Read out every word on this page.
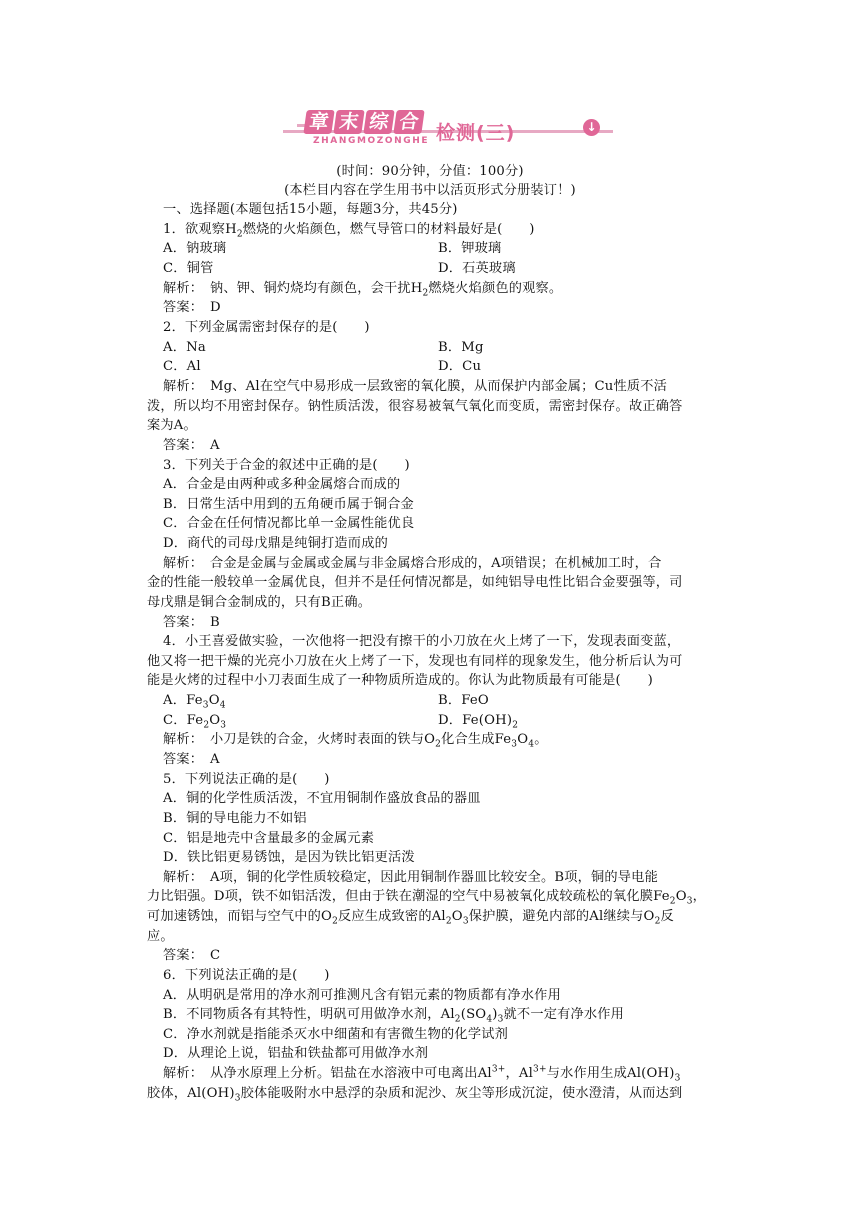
章 末 综 合
ZHANGMOZONGHE 检测(三)	↓
(时间：90分钟，分值：100分)
(本栏目内容在学生用书中以活页形式分册装订！)
一、选择题(本题包括15小题，每题3分，共45分)
1．欲观察$H_2$燃烧的火焰颜色，燃气导管口的材料最好是(　　)
A．钠玻璃	B．钾玻璃
C．铜管	D．石英玻璃
解析：　钠、钾、铜灼烧均有颜色，会干扰$H_2$燃烧火焰颜色的观察。
答案：　D
2．下列金属需密封保存的是(　　)
A．Na	B．Mg
C．Al	D．Cu
解析：　Mg、Al在空气中易形成一层致密的氧化膜，从而保护内部金属；Cu性质不活
泼，所以均不用密封保存。钠性质活泼，很容易被氧气氧化而变质，需密封保存。故正确答
案为A。
答案：　A
3．下列关于合金的叙述中正确的是(　　)
A．合金是由两种或多种金属熔合而成的
B．日常生活中用到的五角硬币属于铜合金
C．合金在任何情况都比单一金属性能优良
D．商代的司母戊鼎是纯铜打造而成的
解析：　合金是金属与金属或金属与非金属熔合形成的，A项错误；在机械加工时，合
金的性能一般较单一金属优良，但并不是任何情况都是，如纯铝导电性比铝合金要强等，司
母戊鼎是铜合金制成的，只有B正确。
答案：　B
4．小王喜爱做实验，一次他将一把没有擦干的小刀放在火上烤了一下，发现表面变蓝，
他又将一把干燥的光亮小刀放在火上烤了一下，发现也有同样的现象发生，他分析后认为可
能是火烤的过程中小刀表面生成了一种物质所造成的。你认为此物质最有可能是(　　)
A．$Fe_3O_4$	B．FeO
C．$Fe_2O_3$	D．$Fe(OH)_2$
解析：　小刀是铁的合金，火烤时表面的铁与$O_2$化合生成$Fe_3O_4$。
答案：　A
5．下列说法正确的是(　　)
A．铜的化学性质活泼，不宜用铜制作盛放食品的器皿
B．铜的导电能力不如铝
C．铝是地壳中含量最多的金属元素
D．铁比铝更易锈蚀，是因为铁比铝更活泼
解析：　A项，铜的化学性质较稳定，因此用铜制作器皿比较安全。B项，铜的导电能
力比铝强。D项，铁不如铝活泼，但由于铁在潮湿的空气中易被氧化成较疏松的氧化膜$Fe_2O_3$，
可加速锈蚀，而铝与空气中的$O_2$反应生成致密的$Al_2O_3$保护膜，避免内部的Al继续与$O_2$反
应。
答案：　C
6．下列说法正确的是(　　)
A．从明矾是常用的净水剂可推测凡含有铝元素的物质都有净水作用
B．不同物质各有其特性，明矾可用做净水剂，$Al_2(SO_4)_3$就不一定有净水作用
C．净水剂就是指能杀灭水中细菌和有害微生物的化学试剂
D．从理论上说，铝盐和铁盐都可用做净水剂
解析：　从净水原理上分析。铝盐在水溶液中可电离出$Al^{3+}$，$Al^{3+}$与水作用生成$Al(OH)_3$
胶体，$Al(OH)_3$胶体能吸附水中悬浮的杂质和泥沙、灰尘等形成沉淀，使水澄清，从而达到
